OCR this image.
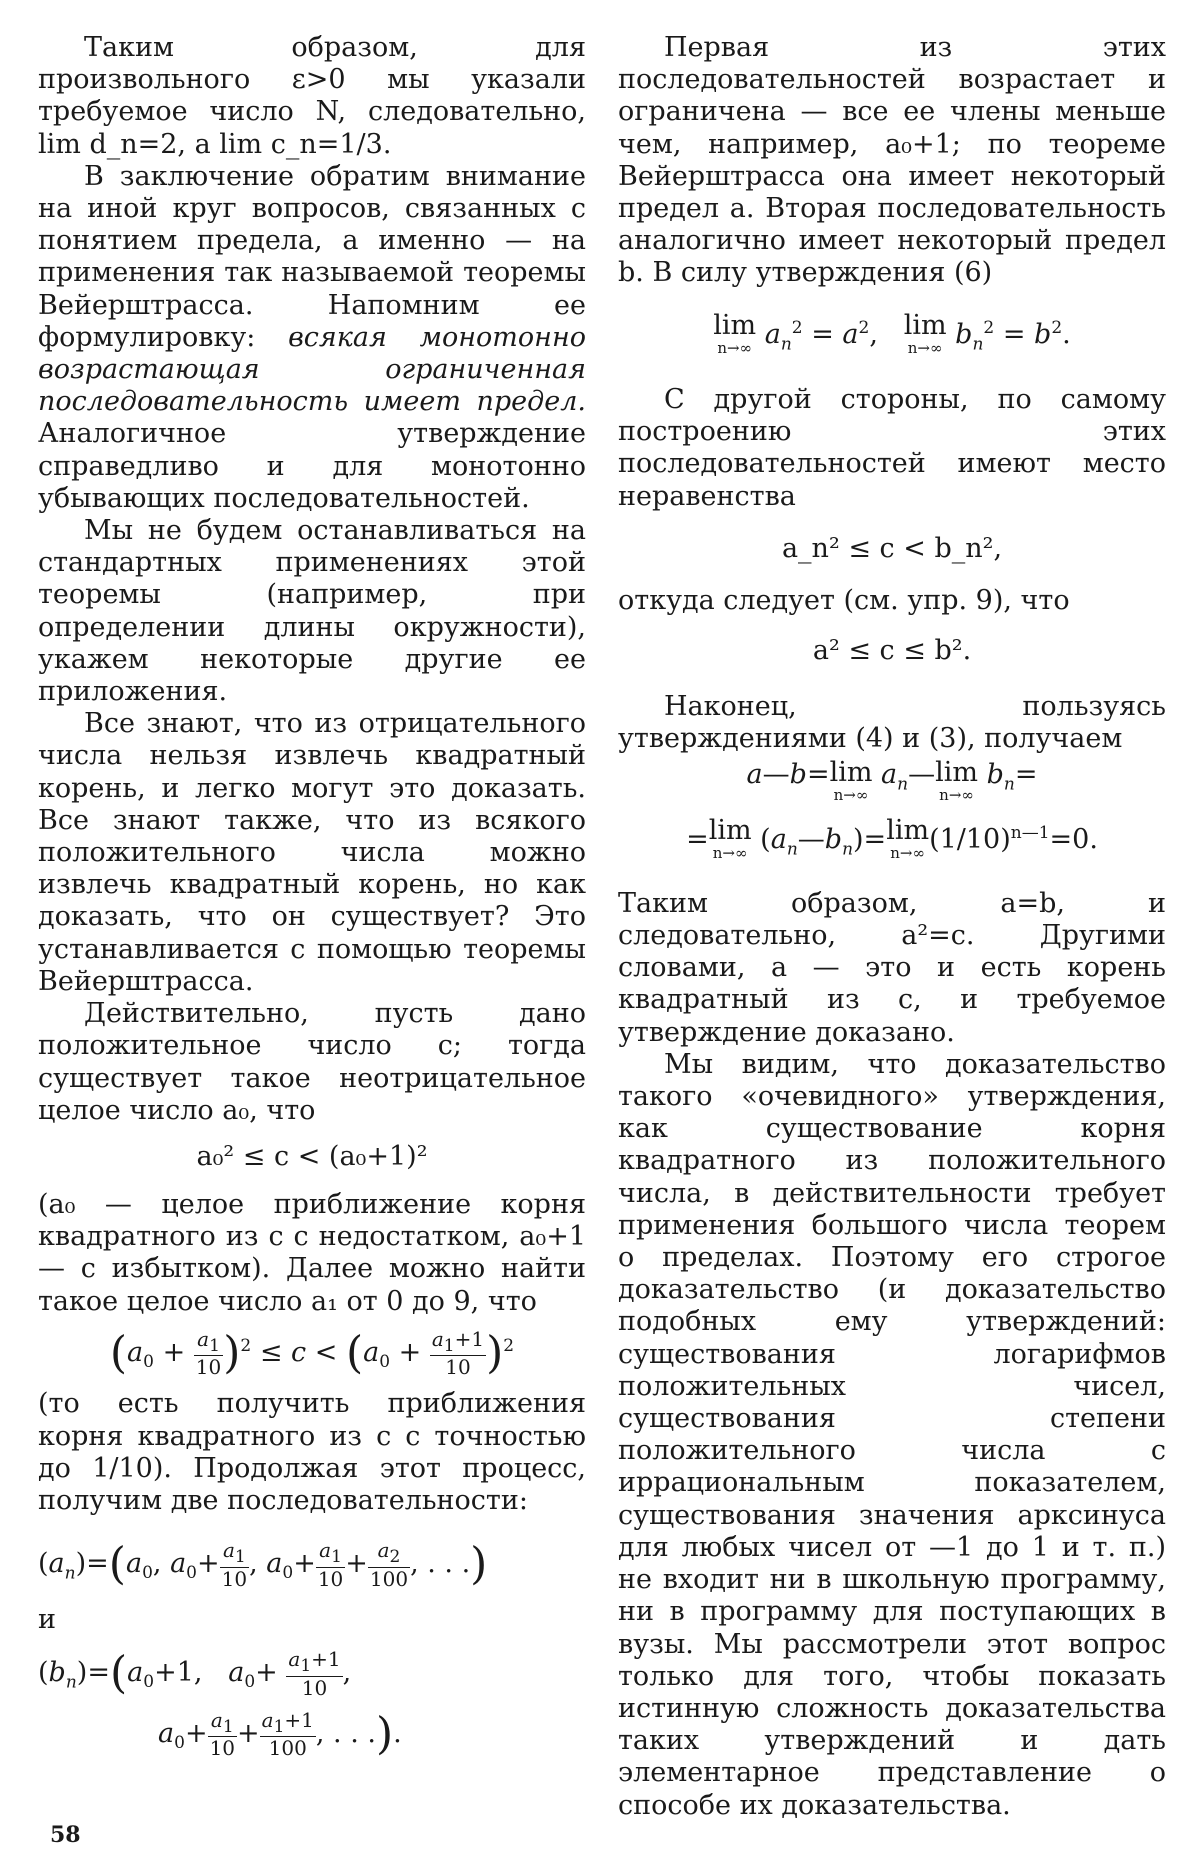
Таким образом, для произвольного ε>0 мы указали требуемое число N, следовательно, lim d_n=2, а lim c_n=1/3.

В заключение обратим внимание на иной круг вопросов, связанных с понятием предела, а именно — на применения так называемой теоремы Вейерштрасса. Напомним ее формулировку: всякая монотонно возрастающая ограниченная последовательность имеет предел. Аналогичное утверждение справедливо и для монотонно убывающих последовательностей.

Мы не будем останавливаться на стандартных применениях этой теоремы (например, при определении длины окружности), укажем некоторые другие ее приложения.

Все знают, что из отрицательного числа нельзя извлечь квадратный корень, и легко могут это доказать. Все знают также, что из всякого положительного числа можно извлечь квадратный корень, но как доказать, что он существует? Это устанавливается с помощью теоремы Вейерштрасса.

Действительно, пусть дано положительное число c; тогда существует такое неотрицательное целое число a₀, что

a₀² ≤ c < (a₀+1)²

(a₀ — целое приближение корня квадратного из c с недостатком, a₀+1 — с избытком). Далее можно найти такое целое число a₁ от 0 до 9, что

$(a_0 + \frac{a_1}{10} )^2 \le c < (a_0 + \frac{a_1+1}{10} )^2$

(то есть получить приближения корня квадратного из c с точностью до 1/10). Продолжая этот процесс, получим две последовательности:

$(a_n)=(a_0$, $a_0+ \frac{a_1}{10}$ , $a_0+ \frac{a_1}{10} + \frac{a_2}{100}$ , . . .)

и

$(b_n)=(a_0+1$,   $a_0+ \frac{a_1+1}{10}$ ,
$a_0+ \frac{a_1}{10} + \frac{a_1+1}{100}$ , . . .).

Первая из этих последовательностей возрастает и ограничена — все ее члены меньше чем, например, a₀+1; по теореме Вейерштрасса она имеет некоторый предел a. Вторая последовательность аналогично имеет некоторый предел b. В силу утверждения (6)

lim
n→∞ $a_n^2 = a^2$,   lim
n→∞ $b_n^2 = b^2$.

С другой стороны, по самому построению этих последовательностей имеют место неравенства

a_n² ≤ c < b_n²,

откуда следует (см. упр. 9), что

a² ≤ c ≤ b².

Наконец, пользуясь утверждениями (4) и (3), получаем

a—b=lim
n→∞
$a_n—\lim$
n→∞
$b_n=$
=lim
n→∞ $(a_n—b_n)=\lim$
n→∞ $(1/10)^{n—1}=0$.

Таким образом, a=b, и следовательно, a²=c. Другими словами, a — это и есть корень квадратный из c, и требуемое утверждение доказано.

Мы видим, что доказательство такого «очевидного» утверждения, как существование корня квадратного из положительного числа, в действительности требует применения большого числа теорем о пределах. Поэтому его строгое доказательство (и доказательство подобных ему утверждений: существования логарифмов положительных чисел, существования степени положительного числа с иррациональным показателем, существования значения арксинуса для любых чисел от —1 до 1 и т. п.) не входит ни в школьную программу, ни в программу для поступающих в вузы. Мы рассмотрели этот вопрос только для того, чтобы показать истинную сложность доказательства таких утверждений и дать элементарное представление о способе их доказательства.

58
